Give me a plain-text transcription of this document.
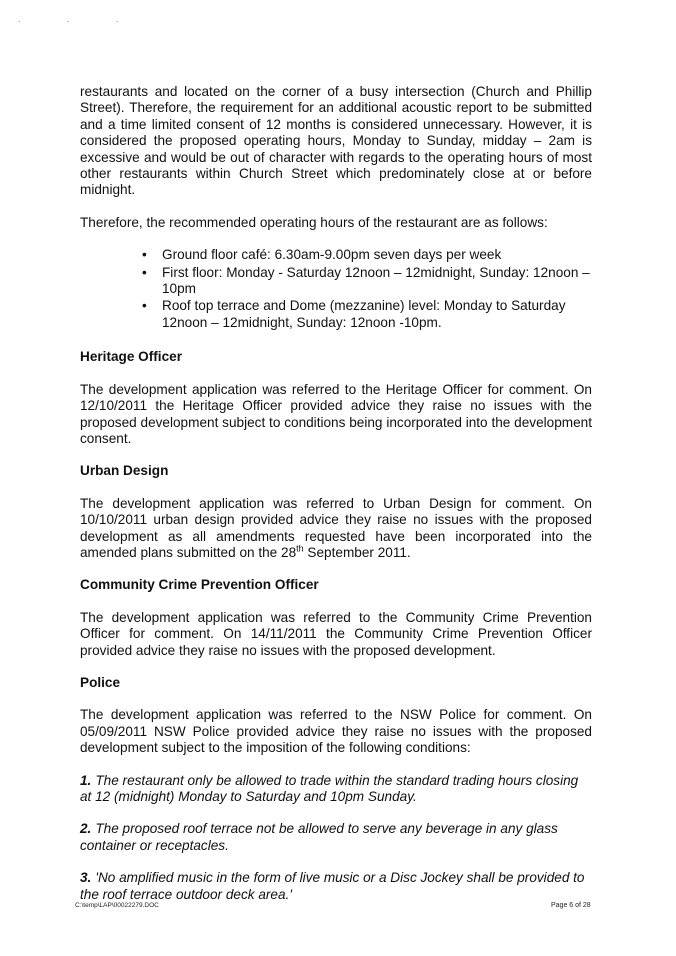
. . .

restaurants and located on the corner of a busy intersection (Church and Phillip Street). Therefore, the requirement for an additional acoustic report to be submitted and a time limited consent of 12 months is considered unnecessary. However, it is considered the proposed operating hours, Monday to Sunday, midday – 2am is excessive and would be out of character with regards to the operating hours of most other restaurants within Church Street which predominately close at or before midnight.

Therefore, the recommended operating hours of the restaurant are as follows:

• Ground floor café: 6.30am-9.00pm seven days per week
• First floor: Monday - Saturday 12noon – 12midnight, Sunday: 12noon – 10pm
• Roof top terrace and Dome (mezzanine) level: Monday to Saturday 12noon – 12midnight, Sunday: 12noon -10pm.

Heritage Officer

The development application was referred to the Heritage Officer for comment. On 12/10/2011 the Heritage Officer provided advice they raise no issues with the proposed development subject to conditions being incorporated into the development consent.

Urban Design

The development application was referred to Urban Design for comment. On 10/10/2011 urban design provided advice they raise no issues with the proposed development as all amendments requested have been incorporated into the amended plans submitted on the 28th September 2011.

Community Crime Prevention Officer

The development application was referred to the Community Crime Prevention Officer for comment. On 14/11/2011 the Community Crime Prevention Officer provided advice they raise no issues with the proposed development.

Police

The development application was referred to the NSW Police for comment. On 05/09/2011 NSW Police provided advice they raise no issues with the proposed development subject to the imposition of the following conditions:

1. The restaurant only be allowed to trade within the standard trading hours closing at 12 (midnight) Monday to Saturday and 10pm Sunday.

2. The proposed roof terrace not be allowed to serve any beverage in any glass container or receptacles.

3. 'No amplified music in the form of live music or a Disc Jockey shall be provided to the roof terrace outdoor deck area.'

C:\temp\LAP\00022279.DOC	Page 6 of 28
